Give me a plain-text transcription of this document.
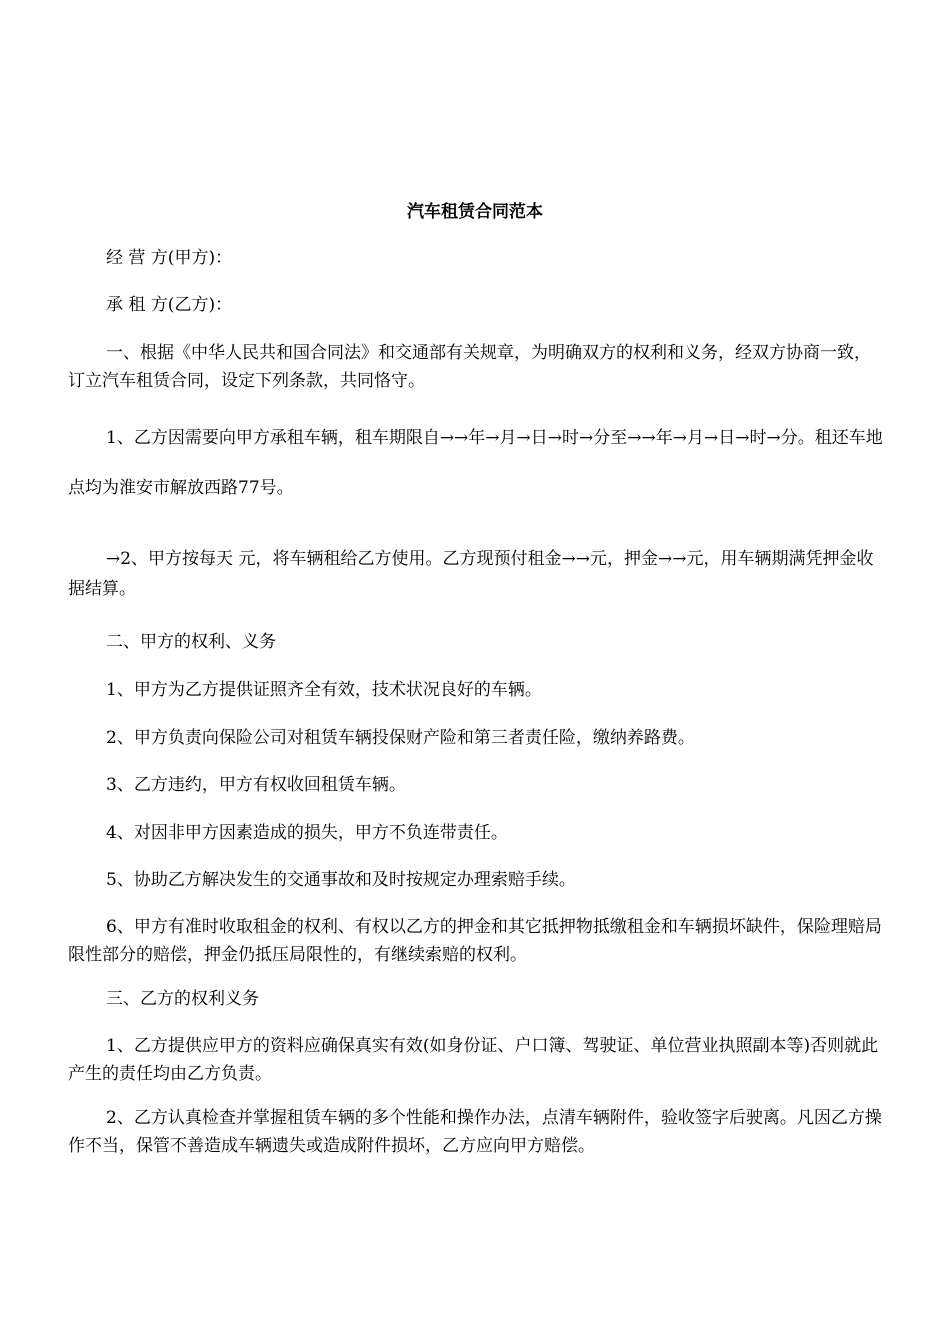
汽车租赁合同范本
经 营 方(甲方)：
承 租 方(乙方)：
一、根据《中华人民共和国合同法》和交通部有关规章，为明确双方的权利和义务，经双方协商一致，订立汽车租赁合同，设定下列条款，共同恪守。
1、乙方因需要向甲方承租车辆，租车期限自→→年→月→日→时→分至→→年→月→日→时→分。租还车地点均为淮安市解放西路77号。
→2、甲方按每天 元，将车辆租给乙方使用。乙方现预付租金→→元，押金→→元，用车辆期满凭押金收据结算。
二、甲方的权利、义务
1、甲方为乙方提供证照齐全有效，技术状况良好的车辆。
2、甲方负责向保险公司对租赁车辆投保财产险和第三者责任险，缴纳养路费。
3、乙方违约，甲方有权收回租赁车辆。
4、对因非甲方因素造成的损失，甲方不负连带责任。
5、协助乙方解决发生的交通事故和及时按规定办理索赔手续。
6、甲方有准时收取租金的权利、有权以乙方的押金和其它抵押物抵缴租金和车辆损坏缺件，保险理赔局限性部分的赔偿，押金仍抵压局限性的，有继续索赔的权利。
三、乙方的权利义务
1、乙方提供应甲方的资料应确保真实有效(如身份证、户口簿、驾驶证、单位营业执照副本等)否则就此产生的责任均由乙方负责。
2、乙方认真检查并掌握租赁车辆的多个性能和操作办法，点清车辆附件，验收签字后驶离。凡因乙方操作不当，保管不善造成车辆遗失或造成附件损坏，乙方应向甲方赔偿。
